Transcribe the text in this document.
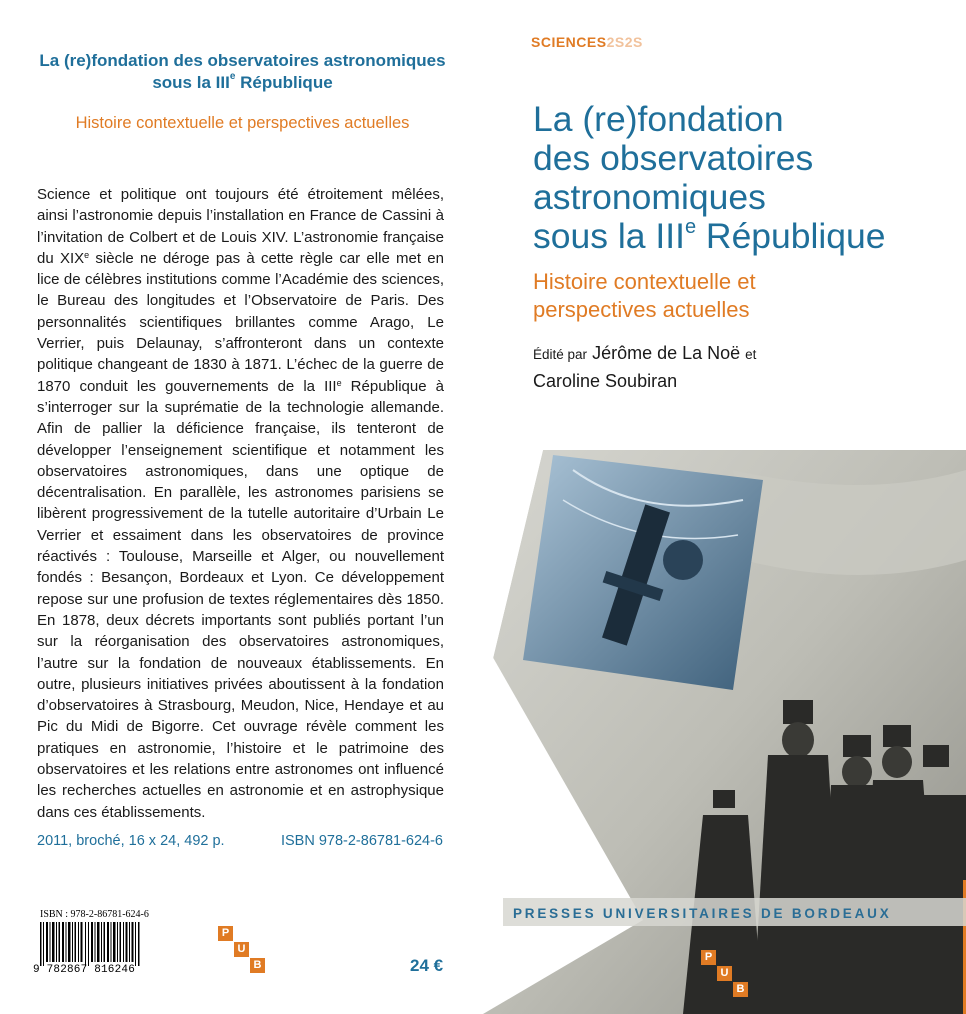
La (re)fondation des observatoires astronomiques
sous la IIIe République
Histoire contextuelle et perspectives actuelles
Science et politique ont toujours été étroitement mêlées, ainsi l’astronomie depuis l’installation en France de Cassini à l’invitation de Colbert et de Louis XIV. L’astronomie française du XIXe siècle ne déroge pas à cette règle car elle met en lice de célèbres institutions comme l’Académie des sciences, le Bureau des longitudes et l’Observatoire de Paris. Des personnalités scientifiques brillantes comme Arago, Le Verrier, puis Delaunay, s’affronteront dans un contexte politique changeant de 1830 à 1871. L’échec de la guerre de 1870 conduit les gouvernements de la IIIe République à s’interroger sur la suprématie de la technologie allemande. Afin de pallier la déficience française, ils tenteront de développer l’enseignement scientifique et notamment les observatoires astronomiques, dans une optique de décentralisation. En parallèle, les astronomes parisiens se libèrent progressivement de la tutelle autoritaire d’Urbain Le Verrier et essaiment dans les observatoires de province réactivés : Toulouse, Marseille et Alger, ou nouvellement fondés : Besançon, Bordeaux et Lyon. Ce développement repose sur une profusion de textes réglementaires dès 1850. En 1878, deux décrets importants sont publiés portant l’un sur la réorganisation des observatoires astronomiques, l’autre sur la fondation de nouveaux établissements. En outre, plusieurs initiatives privées aboutissent à la fondation d’observatoires à Strasbourg, Meudon, Nice, Hendaye et au Pic du Midi de Bigorre. Cet ouvrage révèle comment les pratiques en astronomie, l’histoire et le patrimoine des observatoires et les relations entre astronomes ont influencé les recherches actuelles en astronomie et en astrophysique dans ces établissements.
2011, broché, 16 x 24, 492 p.	ISBN 978-2-86781-624-6
ISBN : 978-2-86781-624-6
9 782867 816246
P
U
B	24 €
SCIENCES2S2S
La (re)fondation
des observatoires
astronomiques
sous la IIIe République
Histoire contextuelle et
perspectives actuelles
Édité par Jérôme de La Noë et
Caroline Soubiran
PRESSES UNIVERSITAIRES DE BORDEAUX
P
U
B
